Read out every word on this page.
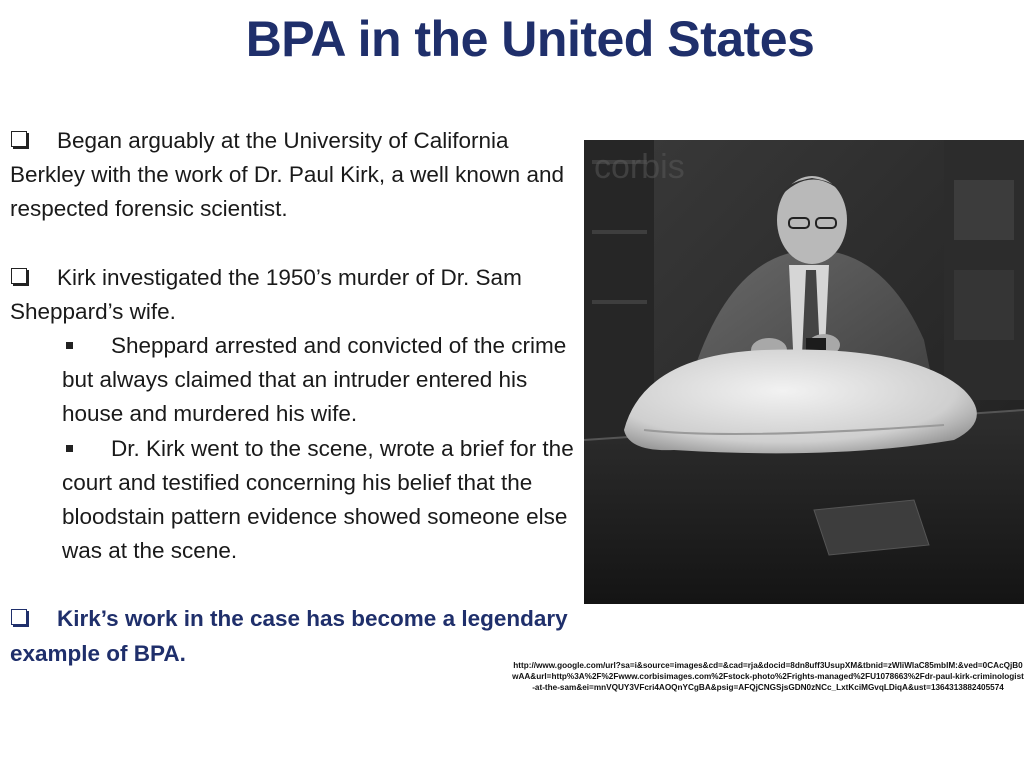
BPA in the United States

Began arguably at the University of California Berkley with the work of Dr. Paul Kirk, a well known and respected forensic scientist.

Kirk investigated the 1950’s murder of Dr. Sam Sheppard’s wife.

Sheppard arrested and convicted of the crime but always claimed that an intruder entered his house and murdered his wife.

Dr. Kirk went to the scene, wrote a brief for the court and testified concerning his belief that the bloodstain pattern evidence showed someone else was at the scene.

Kirk’s work in the case has become a legendary example of BPA.

corbis
http://www.google.com/url?sa=i&source=images&cd=&cad=rja&docid=8dn8uff3UsupXM&tbnid=zWliWlaC85mbIM:&ved=0CAcQjB0wAA&url=http%3A%2F%2Fwww.corbisimages.com%2Fstock-photo%2Frights-managed%2FU1078663%2Fdr-paul-kirk-criminologist-at-the-sam&ei=mnVQUY3VFcri4AOQnYCgBA&psig=AFQjCNGSjsGDN0zNCc_LxtKciMGvqLDiqA&ust=1364313882405574
